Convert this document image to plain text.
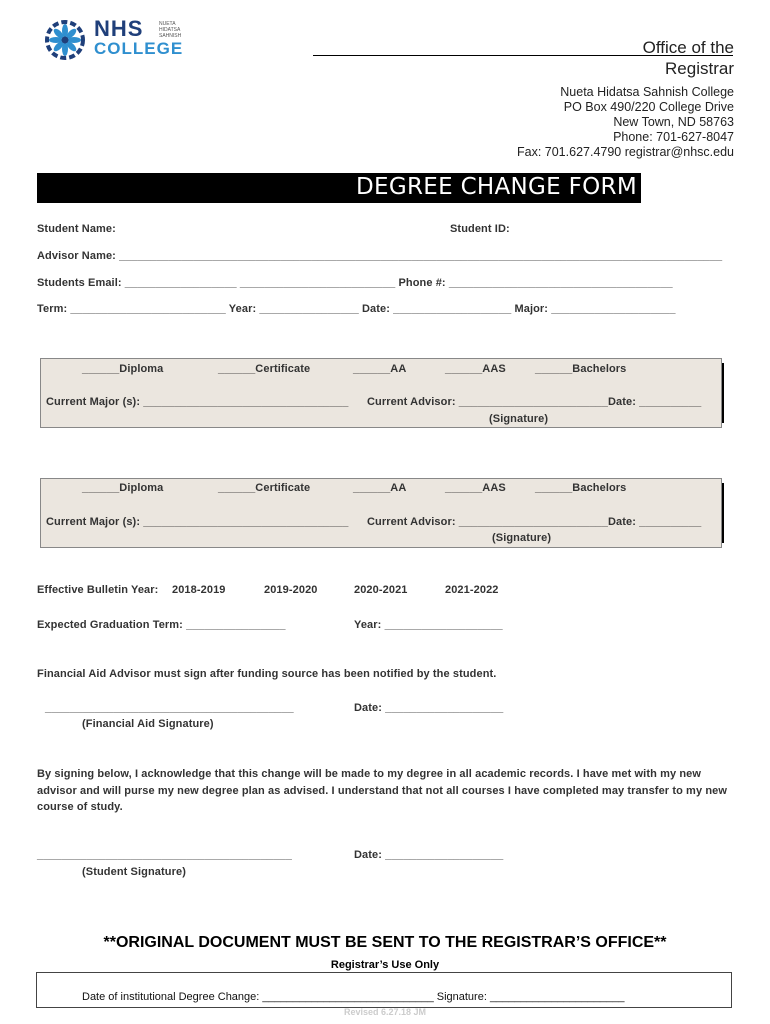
NHS
COLLEGE
NUETA
HIDATSA
SAHNISH
Office of the
Registrar
Nueta Hidatsa Sahnish College
PO Box 490/220 College Drive
New Town, ND 58763
Phone: 701-627-8047
Fax: 701.627.4790 registrar@nhsc.edu
DEGREE CHANGE FORM
Student Name:	Student ID:
Advisor Name: _________________________________________________________________________________________________
Students Email: __________________ _________________________ Phone #: ____________________________________
Term: _________________________ Year: ________________ Date: ___________________ Major: ____________________
______Diploma	______Certificate	______AA	______AAS	______Bachelors
Current Major (s): _________________________________ Current Advisor: ________________________Date: __________
(Signature)
______Diploma	______Certificate	______AA	______AAS	______Bachelors
Current Major (s): _________________________________ Current Advisor: ________________________Date: __________
(Signature)
Effective Bulletin Year: 2018-2019	2019-2020	2020-2021	2021-2022
Expected Graduation Term: ________________	Year: ___________________
Financial Aid Advisor must sign after funding source has been notified by the student.
________________________________________	Date: ___________________
(Financial Aid Signature)
By signing below, I acknowledge that this change will be made to my degree in all academic records. I have met with my new advisor and will purse my new degree plan as advised. I understand that not all courses I have completed may transfer to my new course of study.
_________________________________________	Date: ___________________
(Student Signature)
**ORIGINAL DOCUMENT MUST BE SENT TO THE REGISTRAR’S OFFICE**
Registrar’s Use Only
Date of institutional Degree Change: ____________________________ Signature: ______________________
Revised 6.27.18 JM
